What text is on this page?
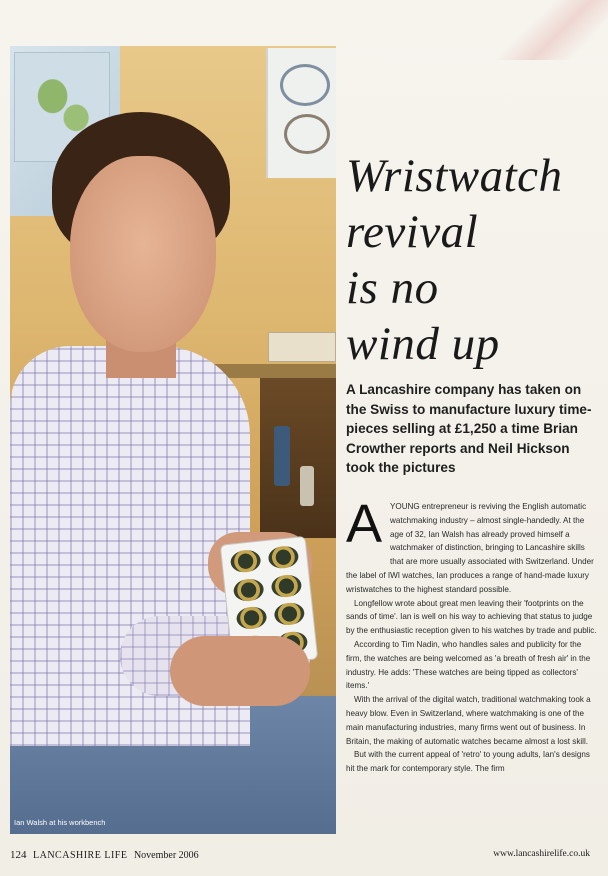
Ian Walsh at his workbench
Wristwatch
revival
is no
wind up

A Lancashire company has taken on the Swiss to manufacture luxury time-pieces selling at £1,250 a time Brian Crowther reports and Neil Hickson took the pictures

A YOUNG entrepreneur is reviving the English automatic watchmaking industry – almost single-handedly. At the age of 32, Ian Walsh has already proved himself a watchmaker of distinction, bringing to Lancashire skills that are more usually associated with Switzerland. Under the label of IWI watches, Ian produces a range of hand-made luxury wristwatches to the highest standard possible.

Longfellow wrote about great men leaving their 'footprints on the sands of time'. Ian is well on his way to achieving that status to judge by the enthusiastic reception given to his watches by trade and public.

According to Tim Nadin, who handles sales and publicity for the firm, the watches are being welcomed as 'a breath of fresh air' in the industry. He adds: 'These watches are being tipped as collectors' items.'

With the arrival of the digital watch, traditional watchmaking took a heavy blow. Even in Switzerland, where watchmaking is one of the main manufacturing industries, many firms went out of business. In Britain, the making of automatic watches became almost a lost skill.

But with the current appeal of 'retro' to young adults, Ian's designs hit the mark for contemporary style. The firm

124 LANCASHIRE LIFE November 2006	www.lancashirelife.co.uk
